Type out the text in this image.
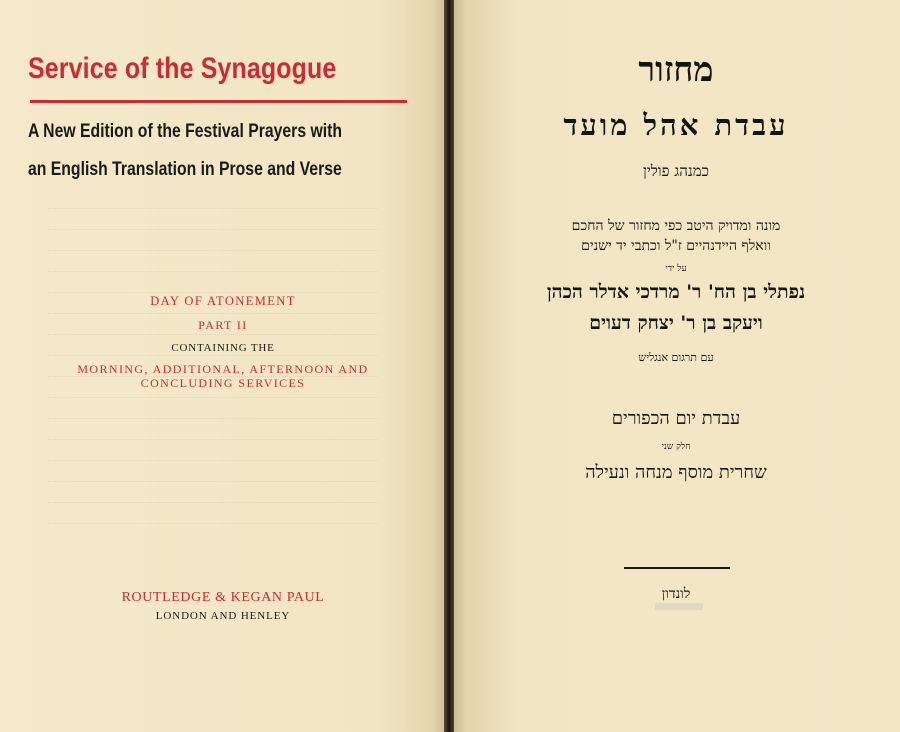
Service of the Synagogue
A New Edition of the Festival Prayers with
an English Translation in Prose and Verse
DAY OF ATONEMENT
PART II
CONTAINING THE
MORNING, ADDITIONAL, AFTERNOON AND
CONCLUDING SERVICES
ROUTLEDGE & KEGAN PAUL
LONDON AND HENLEY
מחזור
עבדת אהל מועד
כמנהג פולין
מונה ומדויק היטב כפי מחזור של החכם
וואלף היידנהיים ז"ל וכתבי יד ישנים
על ידי
נפתלי בן הח' ר' מרדכי אדלר הכהן
ויעקב בן ר' יצחק דעוים
עם תרגום אנגליש
עבדת יום הכפורים
חלק שני
שחרית מוסף מנחה ונעילה
לונדון
